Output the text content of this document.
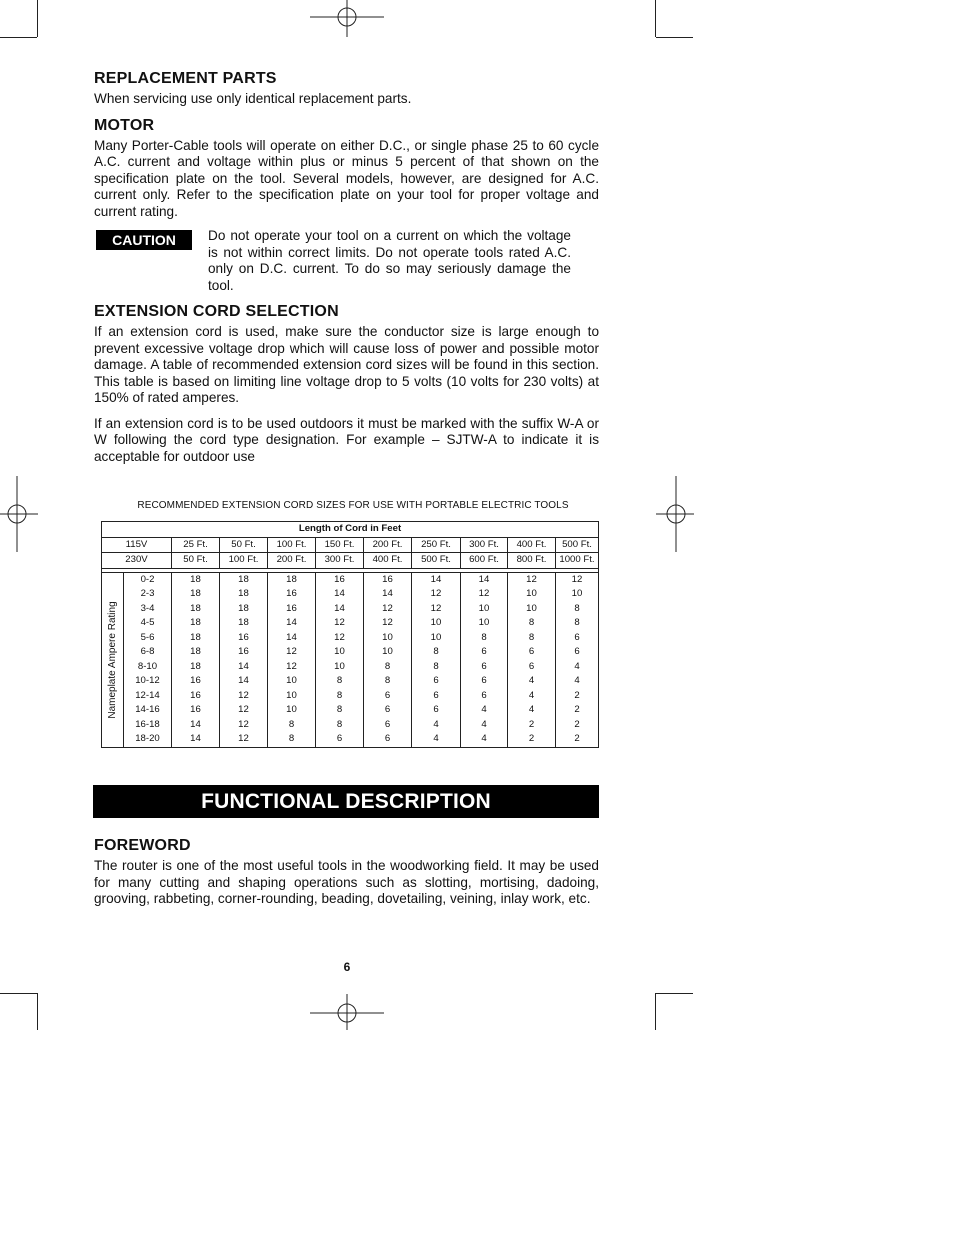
REPLACEMENT PARTS

When servicing use only identical replacement parts.

MOTOR

Many Porter-Cable tools will operate on either D.C., or single phase 25 to 60 cycle A.C. current and voltage within plus or minus 5 percent of that shown on the specification plate on the tool. Several models, however, are designed for A.C. current only. Refer to the specification plate on your tool for proper voltage and current rating.

CAUTION	Do not operate your tool on a current on which the voltage is not within correct limits. Do not operate tools rated A.C. only on D.C. current. To do so may seriously damage the tool.
EXTENSION CORD SELECTION

If an extension cord is used, make sure the conductor size is large enough to prevent excessive voltage drop which will cause loss of power and possible motor damage. A table of recommended extension cord sizes will be found in this section. This table is based on limiting line voltage drop to 5 volts (10 volts for 230 volts) at 150% of rated amperes.

If an extension cord is to be used outdoors it must be marked with the suffix W-A or W following the cord type designation. For example – SJTW-A to indicate it is acceptable for outdoor use

RECOMMENDED EXTENSION CORD SIZES FOR USE WITH PORTABLE ELECTRIC TOOLS
Length of Cord in Feet										
115V		25 Ft.	50 Ft.	100 Ft.	150 Ft.	200 Ft.	250 Ft.	300 Ft.	400 Ft.	500 Ft.
230V		50 Ft.	100 Ft.	200 Ft.	300 Ft.	400 Ft.	500 Ft.	600 Ft.	800 Ft.	1000 Ft.

Nameplate Ampere Rating	0-2	18	18	18	16	16	14	14	12	12
	2-3	18	18	16	14	14	12	12	10	10
	3-4	18	18	16	14	12	12	10	10	8
	4-5	18	18	14	12	12	10	10	8	8
	5-6	18	16	14	12	10	10	8	8	6
	6-8	18	16	12	10	10	8	6	6	6
	8-10	18	14	12	10	8	8	6	6	4
	10-12	16	14	10	8	8	6	6	4	4
	12-14	16	12	10	8	6	6	6	4	2
	14-16	16	12	10	8	6	6	4	4	2
	16-18	14	12	8	8	6	4	4	2	2
	18-20	14	12	8	6	6	4	4	2	2
FUNCTIONAL DESCRIPTION
FOREWORD

The router is one of the most useful tools in the woodworking field. It may be used for many cutting and shaping operations such as slotting, mortising, dadoing, grooving, rabbeting, corner-rounding, beading, dovetailing, veining, inlay work, etc.

6
